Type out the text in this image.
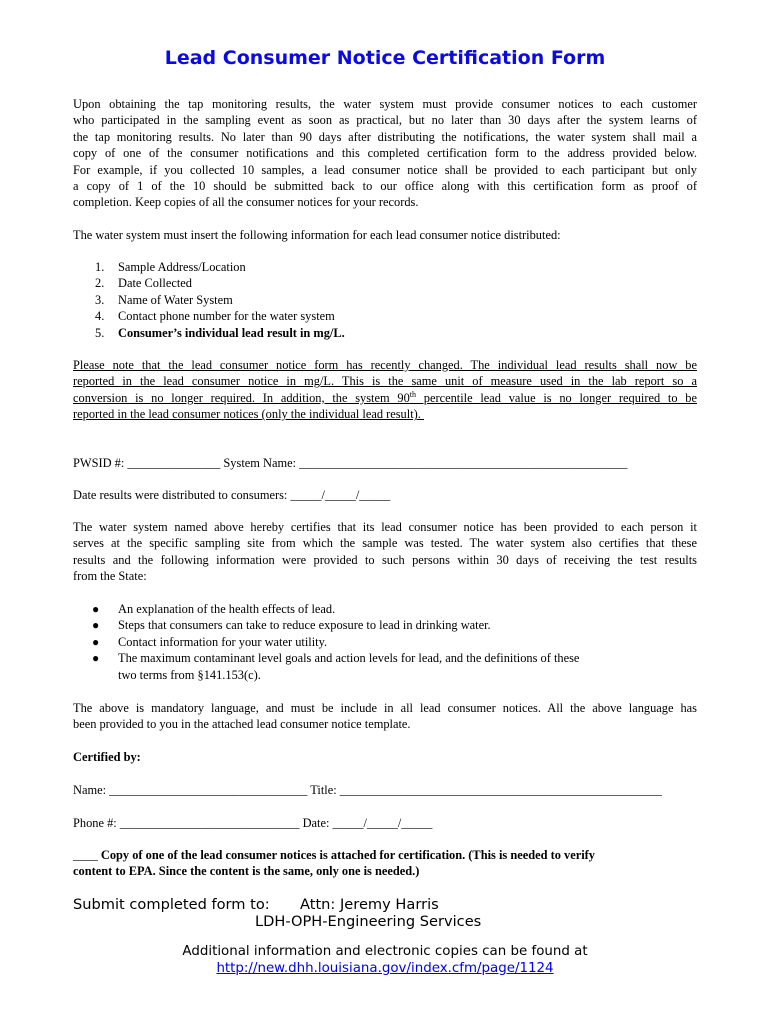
Lead Consumer Notice Certification Form
Upon obtaining the tap monitoring results, the water system must provide consumer notices to each customer
who participated in the sampling event as soon as practical, but no later than 30 days after the system learns of
the tap monitoring results. No later than 90 days after distributing the notifications, the water system shall mail a
copy of one of the consumer notifications and this completed certification form to the address provided below.
For example, if you collected 10 samples, a lead consumer notice shall be provided to each participant but only
a copy of 1 of the 10 should be submitted back to our office along with this certification form as proof of
completion. Keep copies of all the consumer notices for your records.
The water system must insert the following information for each lead consumer notice distributed:
1.	Sample Address/Location
2.	Date Collected
3.	Name of Water System
4.	Contact phone number for the water system
5.	Consumer’s individual lead result in mg/L.
Please note that the lead consumer notice form has recently changed. The individual lead results shall now be
reported in the lead consumer notice in mg/L. This is the same unit of measure used in the lab report so a
conversion is no longer required. In addition, the system 90th percentile lead value is no longer required to be
reported in the lead consumer notices (only the individual lead result).
PWSID #: _______________ System Name: _____________________________________________________
Date results were distributed to consumers: _____/_____/_____
The water system named above hereby certifies that its lead consumer notice has been provided to each person it
serves at the specific sampling site from which the sample was tested. The water system also certifies that these
results and the following information were provided to such persons within 30 days of receiving the test results
from the State:
●	An explanation of the health effects of lead.
●	Steps that consumers can take to reduce exposure to lead in drinking water.
●	Contact information for your water utility.
●	The maximum contaminant level goals and action levels for lead, and the definitions of these
two terms from §141.153(c).
The above is mandatory language, and must be include in all lead consumer notices. All the above language has
been provided to you in the attached lead consumer notice template.
Certified by:
Name: ________________________________ Title: ____________________________________________________
Phone #: _____________________________ Date: _____/_____/_____
____ Copy of one of the lead consumer notices is attached for certification. (This is needed to verify
content to EPA. Since the content is the same, only one is needed.)
Submit completed form to: Attn: Jeremy Harris
LDH-OPH-Engineering Services
Additional information and electronic copies can be found at
http://new.dhh.louisiana.gov/index.cfm/page/1124
